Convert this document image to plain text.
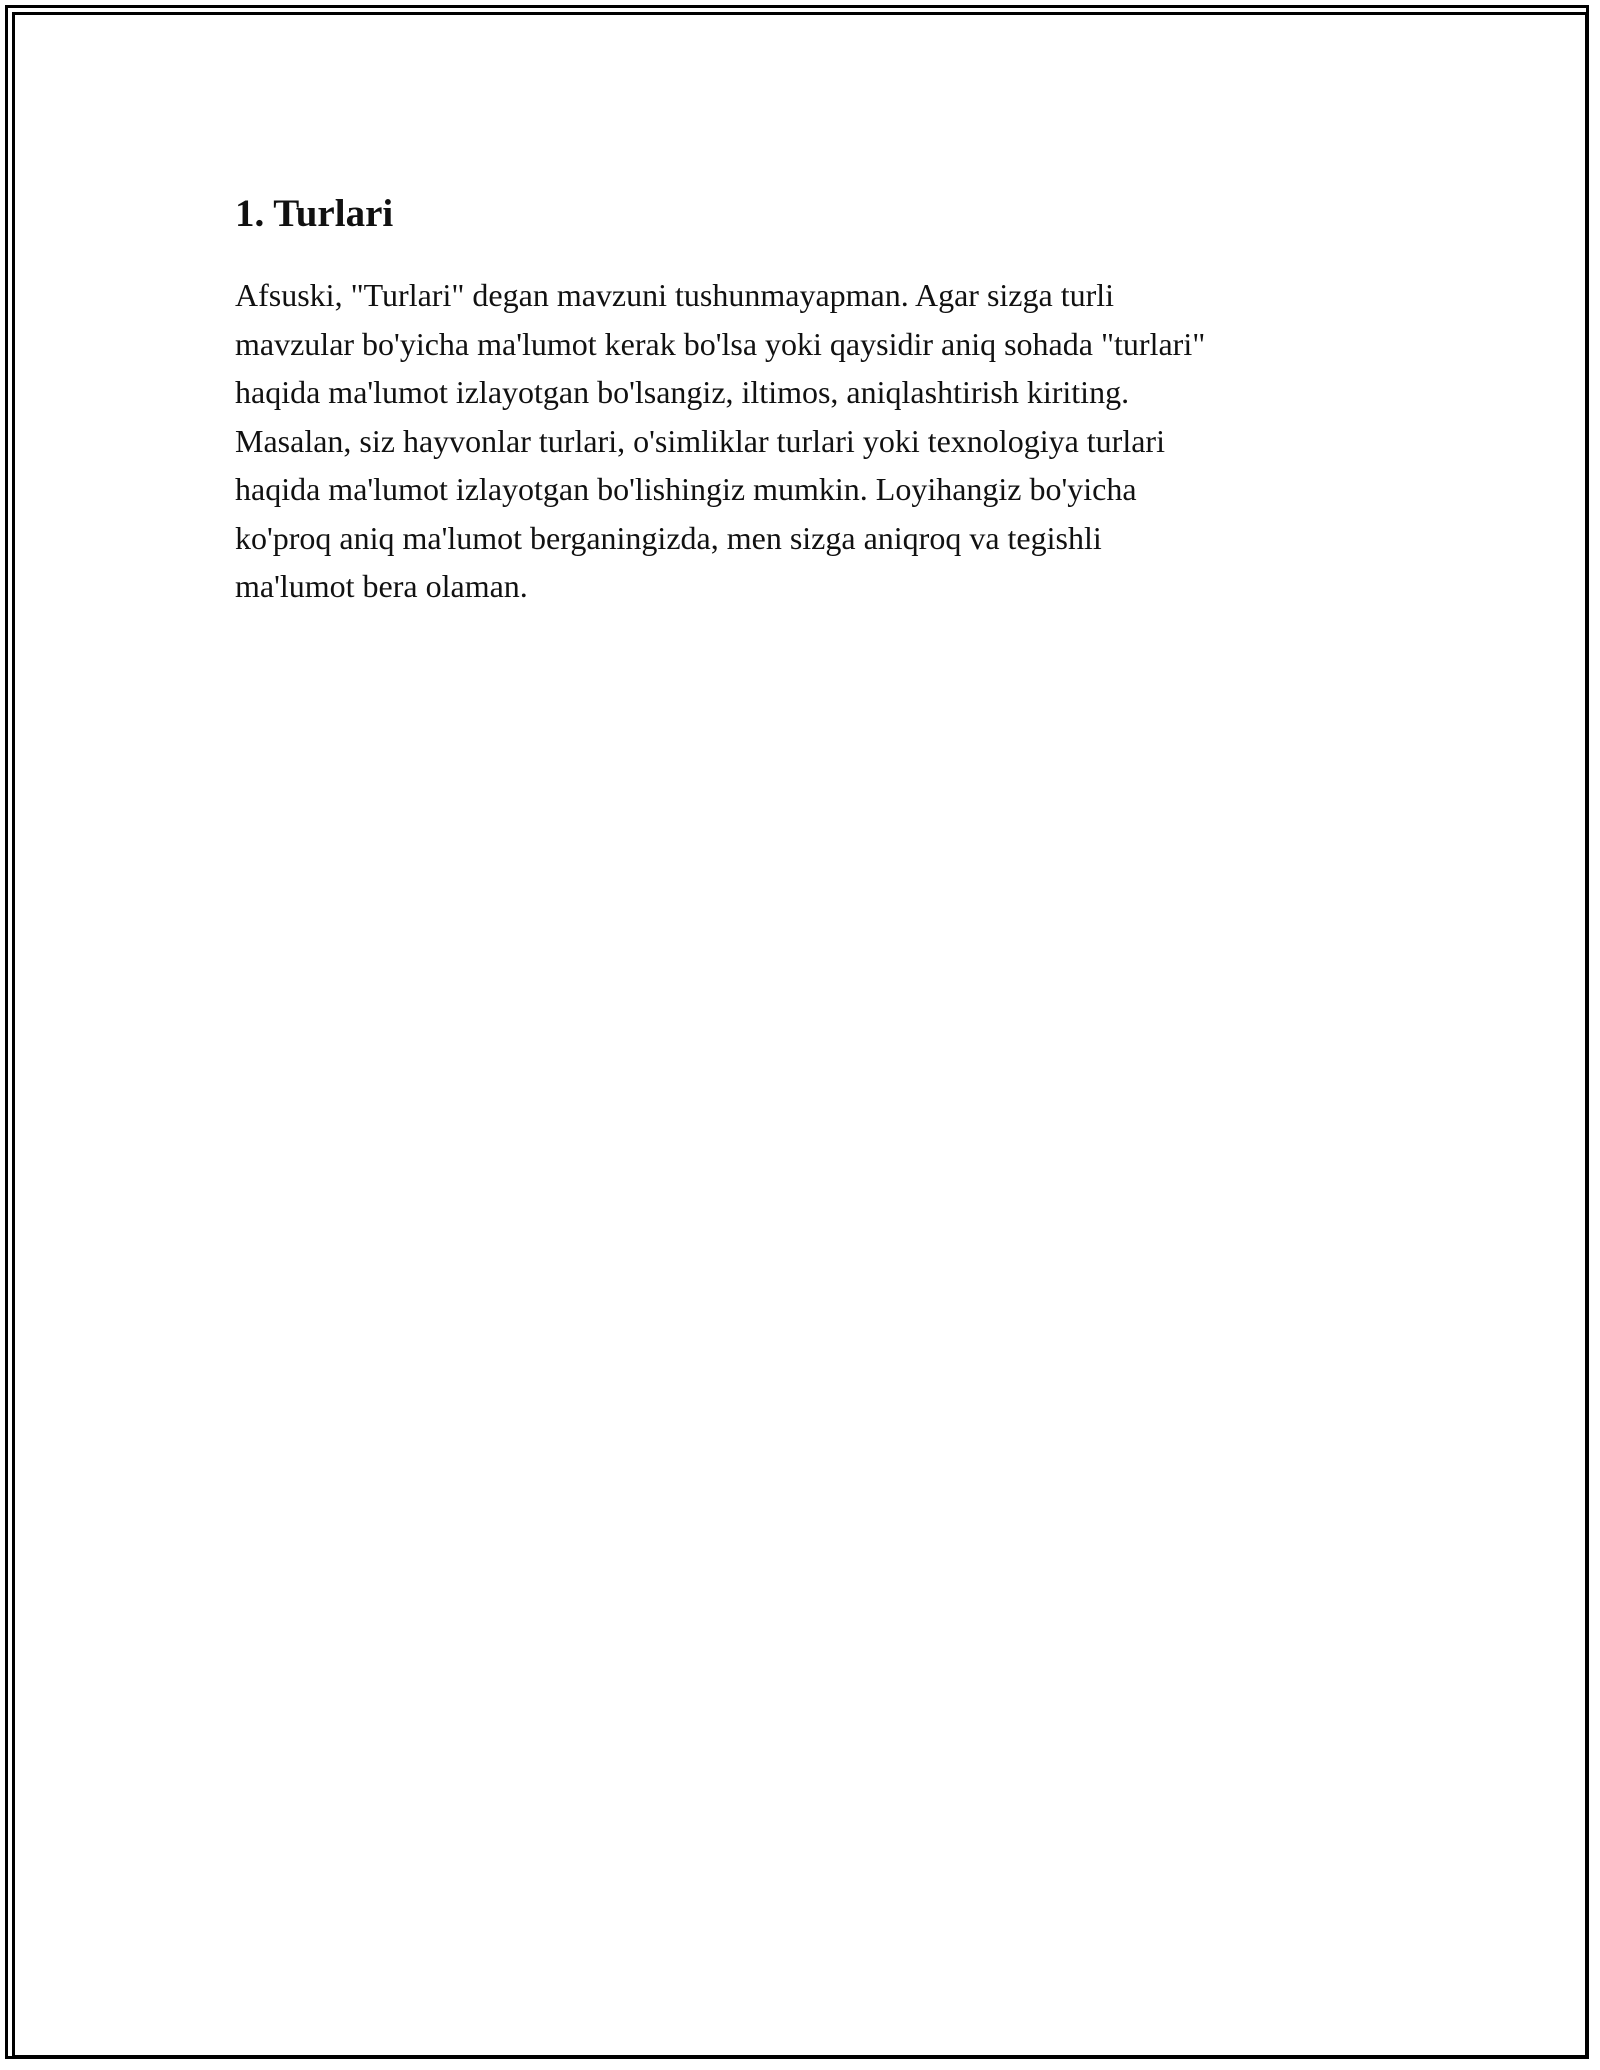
1. Turlari

Afsuski, "Turlari" degan mavzuni tushunmayapman. Agar sizga turli
mavzular bo'yicha ma'lumot kerak bo'lsa yoki qaysidir aniq sohada "turlari"
haqida ma'lumot izlayotgan bo'lsangiz, iltimos, aniqlashtirish kiriting.
Masalan, siz hayvonlar turlari, o'simliklar turlari yoki texnologiya turlari
haqida ma'lumot izlayotgan bo'lishingiz mumkin. Loyihangiz bo'yicha
ko'proq aniq ma'lumot berganingizda, men sizga aniqroq va tegishli
ma'lumot bera olaman.
